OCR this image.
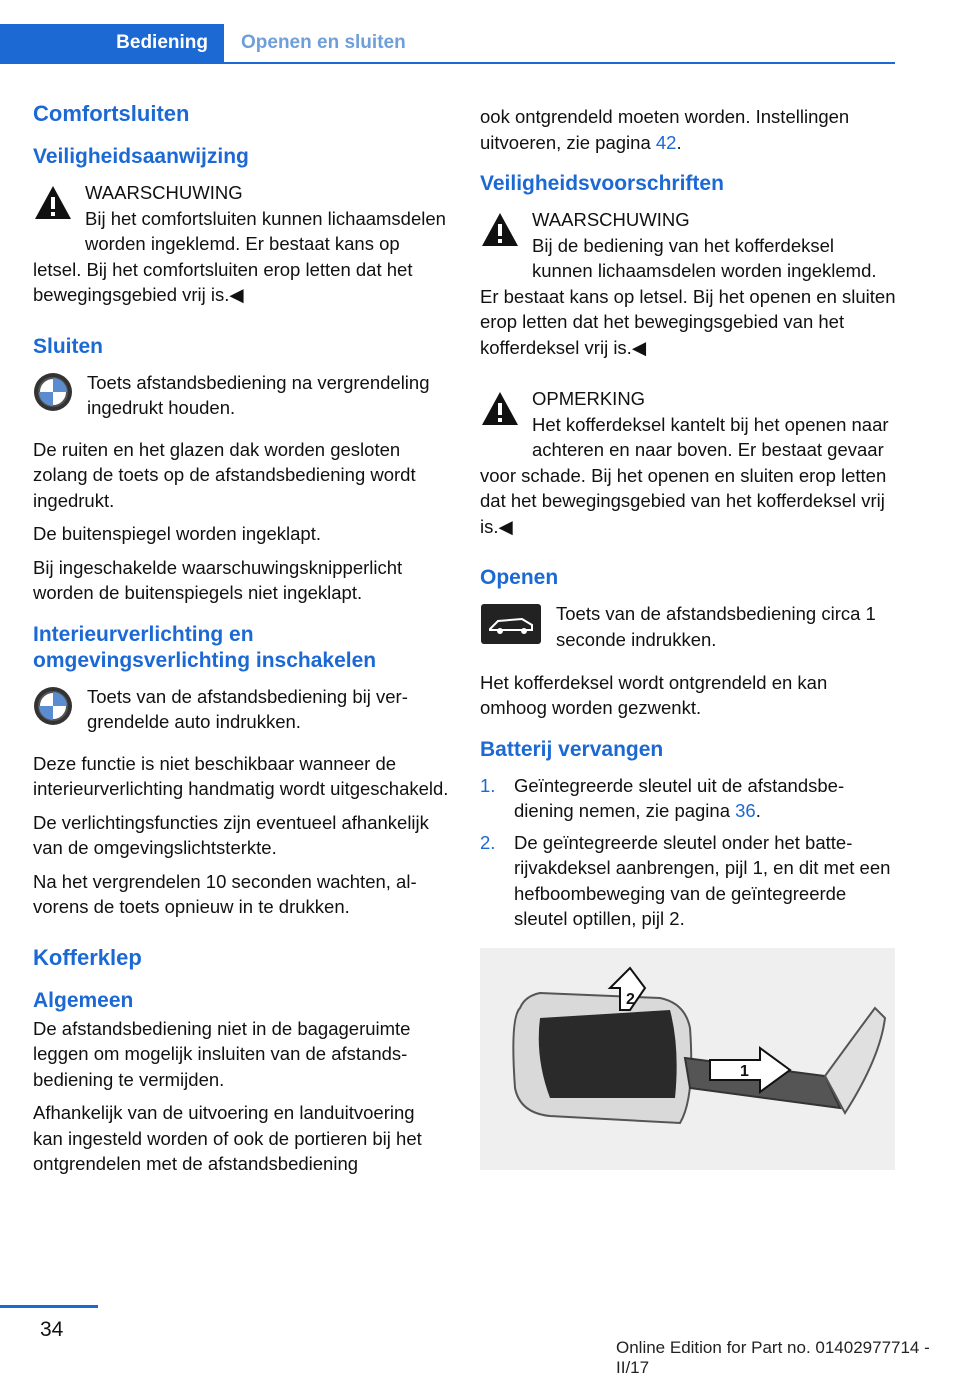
Bediening	Openen en sluiten
Comfortsluiten
Veiligheidsaanwijzing
WAARSCHUWING
Bij het comfortsluiten kunnen lichaamsdelen worden ingeklemd. Er bestaat kans op letsel. Bij het comfortsluiten erop letten dat het bewegingsgebied vrij is.◀
Sluiten
Toets afstandsbediening na vergrendeling ingedrukt houden.

De ruiten en het glazen dak worden gesloten zolang de toets op de afstandsbediening wordt ingedrukt.

De buitenspiegel worden ingeklapt.

Bij ingeschakelde waarschuwingsknipperlicht worden de buitenspiegels niet ingeklapt.

Interieurverlichting en omgevingsverlichting inschakelen
Toets van de afstandsbediening bij vergrendelde auto indrukken.

Deze functie is niet beschikbaar wanneer de interieurverlichting handmatig wordt uitgeschakeld.

De verlichtingsfuncties zijn eventueel afhankelijk van de omgevingslichtsterkte.

Na het vergrendelen 10 seconden wachten, alvorens de toets opnieuw in te drukken.

Kofferklep
Algemeen

De afstandsbediening niet in de bagageruimte leggen om mogelijk insluiten van de afstandsbediening te vermijden.

Afhankelijk van de uitvoering en landuitvoering kan ingesteld worden of ook de portieren bij het ontgrendelen met de afstandsbediening

ook ontgrendeld moeten worden. Instellingen uitvoeren, zie pagina 42.

Veiligheidsvoorschriften
WAARSCHUWING
Bij de bediening van het kofferdeksel kunnen lichaamsdelen worden ingeklemd. Er bestaat kans op letsel. Bij het openen en sluiten erop letten dat het bewegingsgebied van het kofferdeksel vrij is.◀
OPMERKING
Het kofferdeksel kantelt bij het openen naar achteren en naar boven. Er bestaat gevaar voor schade. Bij het openen en sluiten erop letten dat het bewegingsgebied van het kofferdeksel vrij is.◀
Openen
Toets van de afstandsbediening circa 1 seconde indrukken.

Het kofferdeksel wordt ontgrendeld en kan omhoog worden gezwenkt.

Batterij vervangen
1. Geïntegreerde sleutel uit de afstandsbediening nemen, zie pagina 36.
2. De geïntegreerde sleutel onder het batterijvakdeksel aanbrengen, pijl 1, en dit met een hefboombeweging van de geïntegreerde sleutel optillen, pijl 2.
1
2
34
Online Edition for Part no. 01402977714 - II/17
